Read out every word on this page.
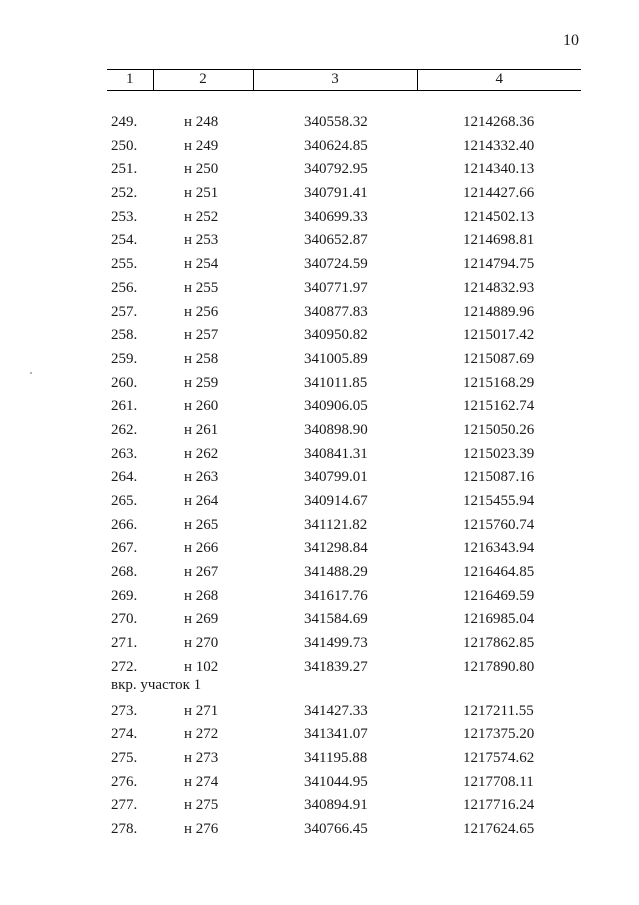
10
1	2	3	4
249.	н 248	340558.32	1214268.36
250.	н 249	340624.85	1214332.40
251.	н 250	340792.95	1214340.13
252.	н 251	340791.41	1214427.66
253.	н 252	340699.33	1214502.13
254.	н 253	340652.87	1214698.81
255.	н 254	340724.59	1214794.75
256.	н 255	340771.97	1214832.93
257.	н 256	340877.83	1214889.96
258.	н 257	340950.82	1215017.42
259.	н 258	341005.89	1215087.69
260.	н 259	341011.85	1215168.29
261.	н 260	340906.05	1215162.74
262.	н 261	340898.90	1215050.26
263.	н 262	340841.31	1215023.39
264.	н 263	340799.01	1215087.16
265.	н 264	340914.67	1215455.94
266.	н 265	341121.82	1215760.74
267.	н 266	341298.84	1216343.94
268.	н 267	341488.29	1216464.85
269.	н 268	341617.76	1216469.59
270.	н 269	341584.69	1216985.04
271.	н 270	341499.73	1217862.85
272.	н 102	341839.27	1217890.80
вкр. участок 1
273.	н 271	341427.33	1217211.55
274.	н 272	341341.07	1217375.20
275.	н 273	341195.88	1217574.62
276.	н 274	341044.95	1217708.11
277.	н 275	340894.91	1217716.24
278.	н 276	340766.45	1217624.65
